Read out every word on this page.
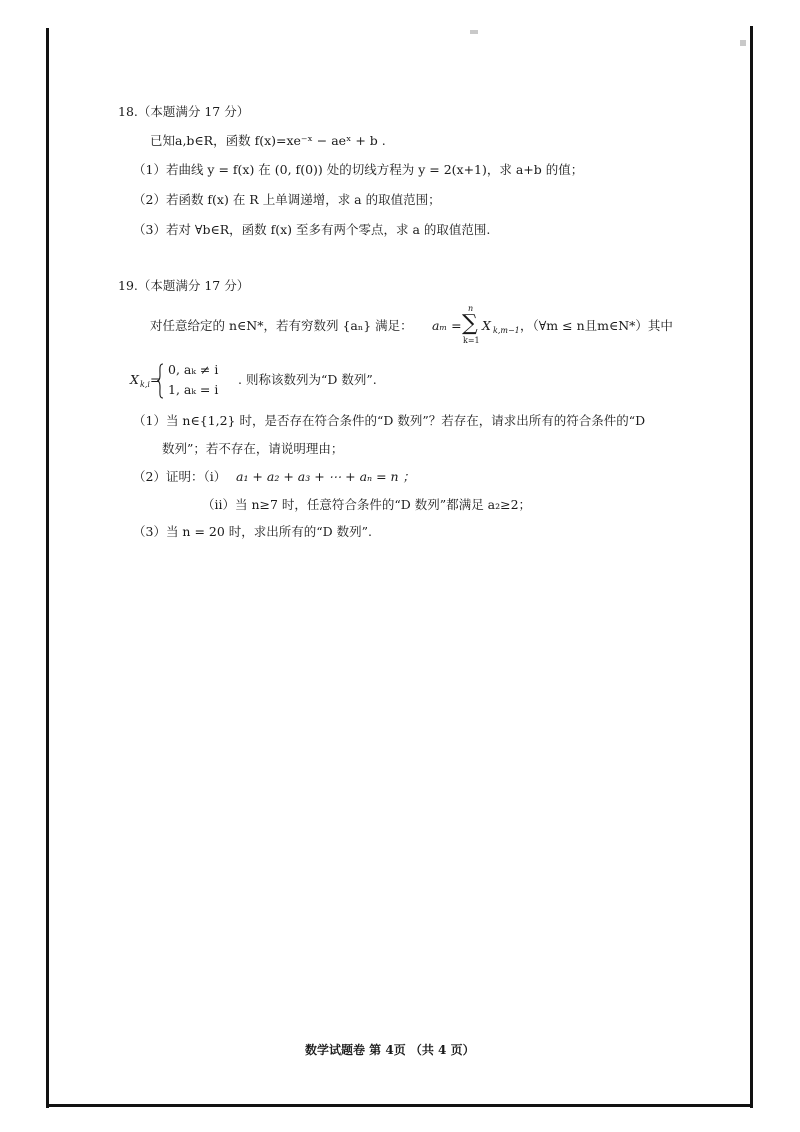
18.（本题满分 17 分）
已知a,b∈R，函数 f(x)=xe⁻ˣ − aeˣ + b .
（1）若曲线 y = f(x) 在 (0, f(0)) 处的切线方程为 y = 2(x+1)，求 a+b 的值；
（2）若函数 f(x) 在 R 上单调递增，求 a 的取值范围；
（3）若对 ∀b∈R，函数 f(x) 至多有两个零点，求 a 的取值范围.
19.（本题满分 17 分）
对任意给定的 n∈N*，若有穷数列 {aₙ} 满足： aₘ =
n
∑
k=1
X k,m−1 ，（∀m ≤ n且m∈N*）其中
X k,i =
0, aₖ ≠ i
1, aₖ = i
. 则称该数列为“D 数列”.
（1）当 n∈{1,2} 时，是否存在符合条件的“D 数列”？若存在，请求出所有的符合条件的“D
数列”；若不存在，请说明理由；
（2）证明：（i） a₁ + a₂ + a₃ + ⋯ + aₙ = n ；
（ii）当 n≥7 时，任意符合条件的“D 数列”都满足 a₂≥2；
（3）当 n = 20 时，求出所有的“D 数列”.
数学试题卷 第 4页 （共 4 页）
